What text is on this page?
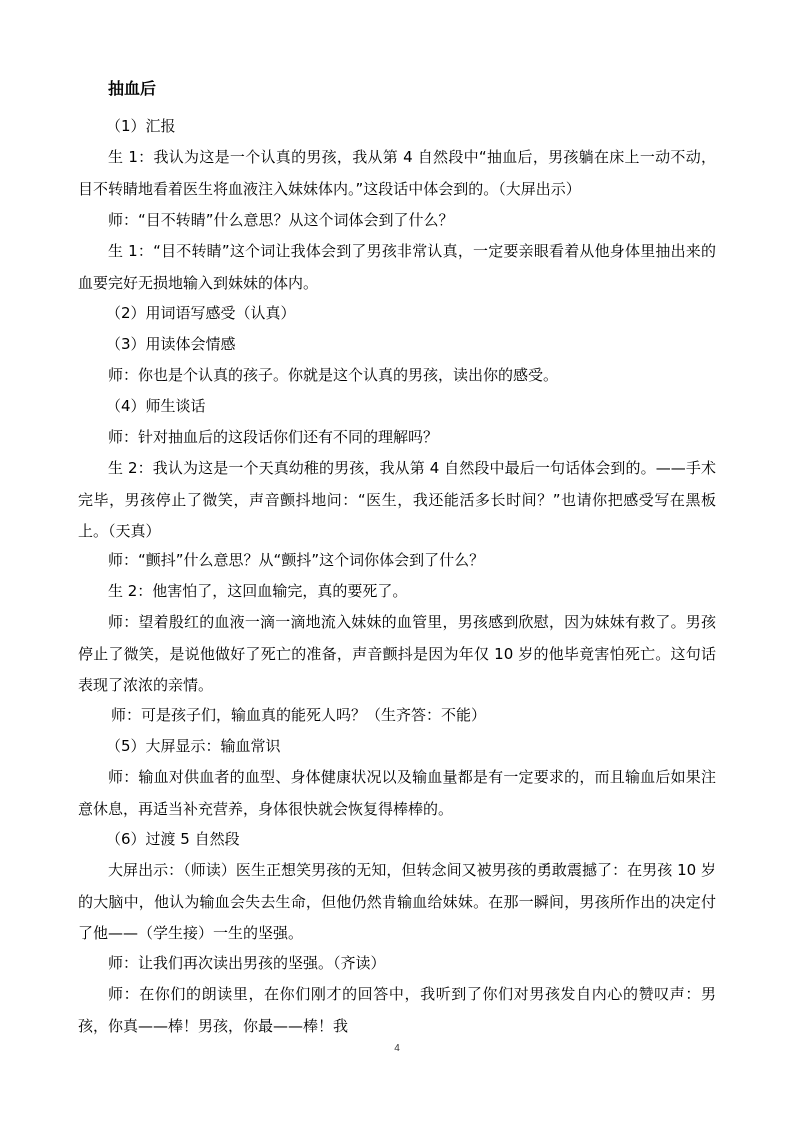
抽血后
（1）汇报
生 1：我认为这是一个认真的男孩，我从第 4 自然段中“抽血后，男孩躺在床上一动不动，目不转睛地看着医生将血液注入妹妹体内。”这段话中体会到的。（大屏出示）
师：“目不转睛”什么意思？从这个词体会到了什么？
生 1：“目不转睛”这个词让我体会到了男孩非常认真，一定要亲眼看着从他身体里抽出来的血要完好无损地输入到妹妹的体内。
（2）用词语写感受（认真）
（3）用读体会情感
师：你也是个认真的孩子。你就是这个认真的男孩，读出你的感受。
（4）师生谈话
师：针对抽血后的这段话你们还有不同的理解吗？
生 2：我认为这是一个天真幼稚的男孩，我从第 4 自然段中最后一句话体会到的。——手术完毕，男孩停止了微笑，声音颤抖地问：“医生，我还能活多长时间？”也请你把感受写在黑板上。（天真）
师：“颤抖”什么意思？从“颤抖”这个词你体会到了什么？
生 2：他害怕了，这回血输完，真的要死了。
师：望着殷红的血液一滴一滴地流入妹妹的血管里，男孩感到欣慰，因为妹妹有救了。男孩停止了微笑，是说他做好了死亡的准备，声音颤抖是因为年仅 10 岁的他毕竟害怕死亡。这句话表现了浓浓的亲情。
师：可是孩子们，输血真的能死人吗？（生齐答：不能）
（5）大屏显示：输血常识
师：输血对供血者的血型、身体健康状况以及输血量都是有一定要求的，而且输血后如果注意休息，再适当补充营养，身体很快就会恢复得棒棒的。
（6）过渡 5 自然段
大屏出示：（师读）医生正想笑男孩的无知，但转念间又被男孩的勇敢震撼了：在男孩 10 岁的大脑中，他认为输血会失去生命，但他仍然肯输血给妹妹。在那一瞬间，男孩所作出的决定付了他——（学生接）一生的坚强。
师：让我们再次读出男孩的坚强。（齐读）
师：在你们的朗读里，在你们刚才的回答中，我听到了你们对男孩发自内心的赞叹声：男孩，你真——棒！男孩，你最——棒！我
4
